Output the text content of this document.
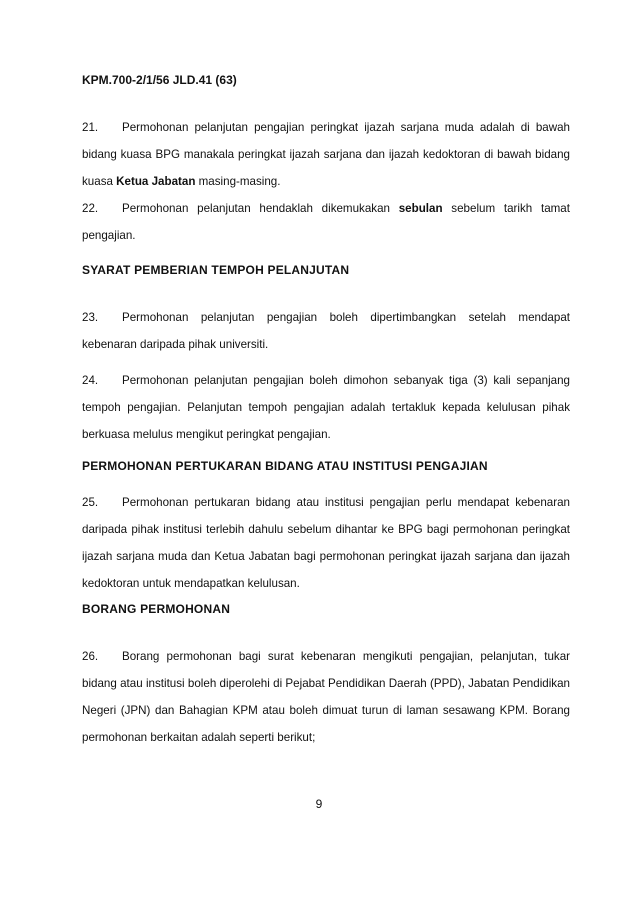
KPM.700-2/1/56 JLD.41 (63)
21. Permohonan pelanjutan pengajian peringkat ijazah sarjana muda adalah di bawah bidang kuasa BPG manakala peringkat ijazah sarjana dan ijazah kedoktoran di bawah bidang kuasa Ketua Jabatan masing-masing.
22. Permohonan pelanjutan hendaklah dikemukakan sebulan sebelum tarikh tamat pengajian.
SYARAT PEMBERIAN TEMPOH PELANJUTAN
23. Permohonan pelanjutan pengajian boleh dipertimbangkan setelah mendapat kebenaran daripada pihak universiti.
24. Permohonan pelanjutan pengajian boleh dimohon sebanyak tiga (3) kali sepanjang tempoh pengajian. Pelanjutan tempoh pengajian adalah tertakluk kepada kelulusan pihak berkuasa melulus mengikut peringkat pengajian.
PERMOHONAN PERTUKARAN BIDANG ATAU INSTITUSI PENGAJIAN
25. Permohonan pertukaran bidang atau institusi pengajian perlu mendapat kebenaran daripada pihak institusi terlebih dahulu sebelum dihantar ke BPG bagi permohonan peringkat ijazah sarjana muda dan Ketua Jabatan bagi permohonan peringkat ijazah sarjana dan ijazah kedoktoran untuk mendapatkan kelulusan.
BORANG PERMOHONAN
26. Borang permohonan bagi surat kebenaran mengikuti pengajian, pelanjutan, tukar bidang atau institusi boleh diperolehi di Pejabat Pendidikan Daerah (PPD), Jabatan Pendidikan Negeri (JPN) dan Bahagian KPM atau boleh dimuat turun di laman sesawang KPM. Borang permohonan berkaitan adalah seperti berikut;
9
